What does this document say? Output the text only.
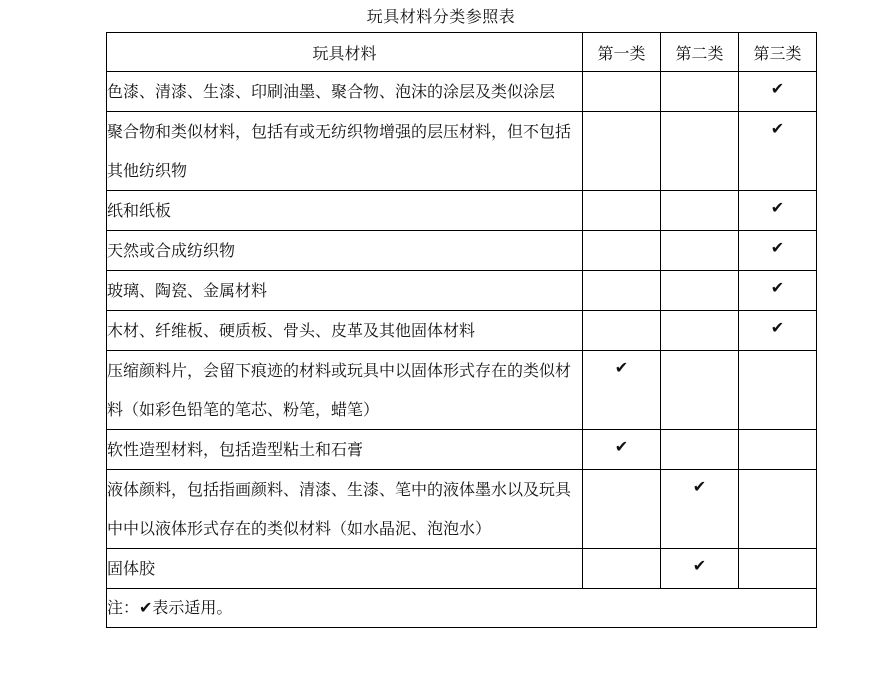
玩具材料分类参照表
玩具材料	第一类	第二类	第三类
色漆、清漆、生漆、印刷油墨、聚合物、泡沫的涂层及类似涂层			✔
聚合物和类似材料，包括有或无纺织物增强的层压材料，但不包括其他纺织物			✔
纸和纸板			✔
天然或合成纺织物			✔
玻璃、陶瓷、金属材料			✔
木材、纤维板、硬质板、骨头、皮革及其他固体材料			✔
压缩颜料片，会留下痕迹的材料或玩具中以固体形式存在的类似材料（如彩色铅笔的笔芯、粉笔，蜡笔）	✔		
软性造型材料，包括造型粘土和石膏	✔		
液体颜料，包括指画颜料、清漆、生漆、笔中的液体墨水以及玩具中中以液体形式存在的类似材料（如水晶泥、泡泡水）		✔	
固体胶		✔	
注：✔表示适用。			
